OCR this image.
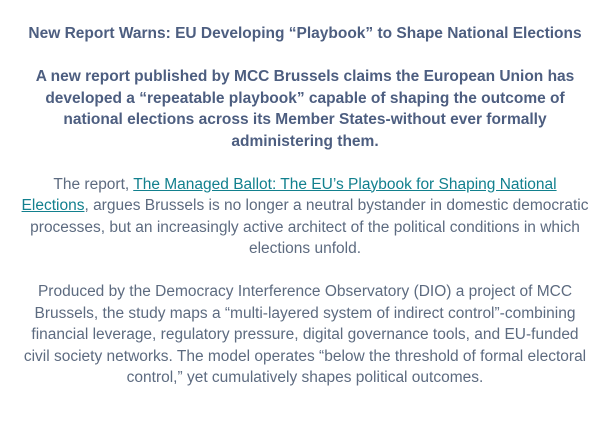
New Report Warns: EU Developing “Playbook” to Shape National Elections

A new report published by MCC Brussels claims the European Union has developed a “repeatable playbook” capable of shaping the outcome of national elections across its Member States-without ever formally administering them.

The report, The Managed Ballot: The EU’s Playbook for Shaping National Elections, argues Brussels is no longer a neutral bystander in domestic democratic processes, but an increasingly active architect of the political conditions in which elections unfold.

Produced by the Democracy Interference Observatory (DIO) a project of MCC Brussels, the study maps a “multi-layered system of indirect control”-combining financial leverage, regulatory pressure, digital governance tools, and EU-funded civil society networks. The model operates “below the threshold of formal electoral control,” yet cumulatively shapes political outcomes.
